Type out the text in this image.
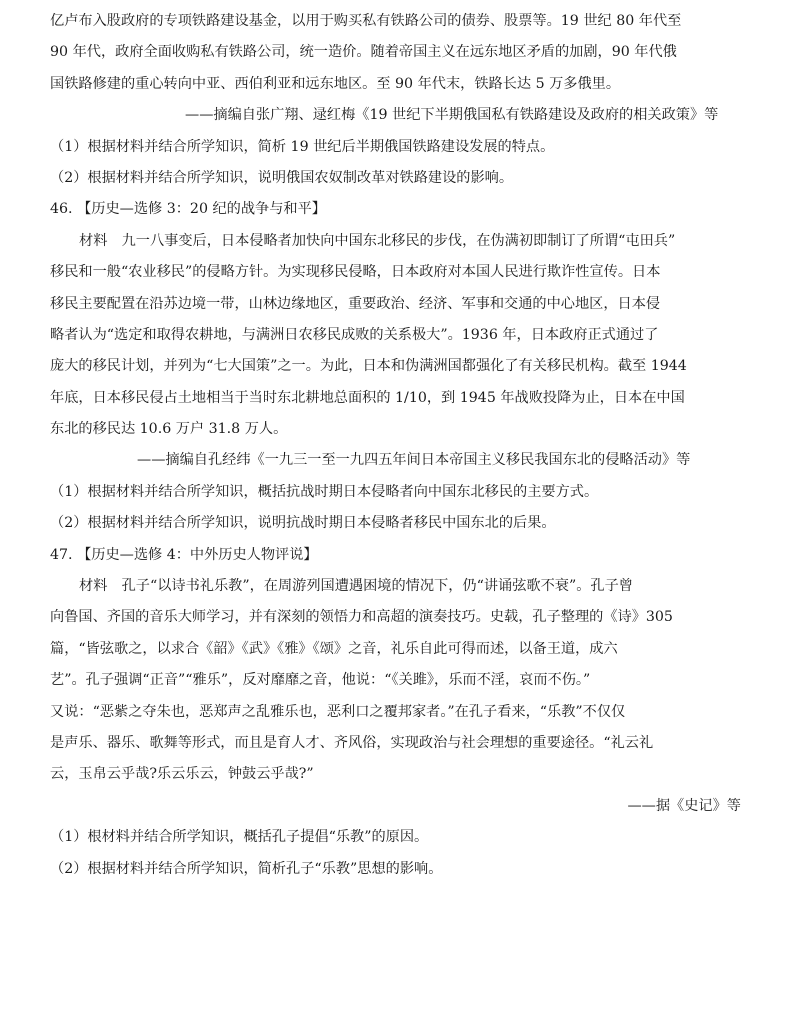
亿卢布入股政府的专项铁路建设基金，以用于购买私有铁路公司的债券、股票等。19 世纪 80 年代至
90 年代，政府全面收购私有铁路公司，统一造价。随着帝国主义在远东地区矛盾的加剧，90 年代俄
国铁路修建的重心转向中亚、西伯利亚和远东地区。至 90 年代末，铁路长达 5 万多俄里。
——摘编自张广翔、逯红梅《19 世纪下半期俄国私有铁路建设及政府的相关政策》等
（1）根据材料并结合所学知识，简析 19 世纪后半期俄国铁路建设发展的特点。
（2）根据材料并结合所学知识，说明俄国农奴制改革对铁路建设的影响。
46. 【历史—选修 3：20 纪的战争与和平】
材料　九一八事变后，日本侵略者加快向中国东北移民的步伐，在伪满初即制订了所谓“屯田兵”
移民和一般“农业移民”的侵略方针。为实现移民侵略，日本政府对本国人民进行欺诈性宣传。日本
移民主要配置在沿苏边境一带，山林边缘地区，重要政治、经济、军事和交通的中心地区，日本侵
略者认为“选定和取得农耕地，与满洲日农移民成败的关系极大”。1936 年，日本政府正式通过了
庞大的移民计划，并列为“七大国策”之一。为此，日本和伪满洲国都强化了有关移民机构。截至 1944
年底，日本移民侵占土地相当于当时东北耕地总面积的 1/10，到 1945 年战败投降为止，日本在中国
东北的移民达 10.6 万户 31.8 万人。
——摘编自孔经纬《一九三一至一九四五年间日本帝国主义移民我国东北的侵略活动》等
（1）根据材料并结合所学知识，概括抗战时期日本侵略者向中国东北移民的主要方式。
（2）根据材料并结合所学知识，说明抗战时期日本侵略者移民中国东北的后果。
47. 【历史—选修 4：中外历史人物评说】
材料　孔子“以诗书礼乐教”，在周游列国遭遇困境的情况下，仍“讲诵弦歌不衰”。孔子曾
向鲁国、齐国的音乐大师学习，并有深刻的领悟力和高超的演奏技巧。史载，孔子整理的《诗》305
篇，“皆弦歌之，以求合《韶》《武》《雅》《颂》之音，礼乐自此可得而述，以备王道，成六
艺”。孔子强调“正音”“雅乐”，反对靡靡之音，他说：“《关雎》，乐而不淫，哀而不伤。”
又说：“恶紫之夺朱也，恶郑声之乱雅乐也，恶利口之覆邦家者。”在孔子看来，“乐教”不仅仅
是声乐、器乐、歌舞等形式，而且是育人才、齐风俗，实现政治与社会理想的重要途径。“礼云礼
云，玉帛云乎哉?乐云乐云，钟鼓云乎哉?”
——据《史记》等
（1）根材料并结合所学知识，概括孔子提倡“乐教”的原因。
（2）根据材料并结合所学知识，简析孔子“乐教”思想的影响。
